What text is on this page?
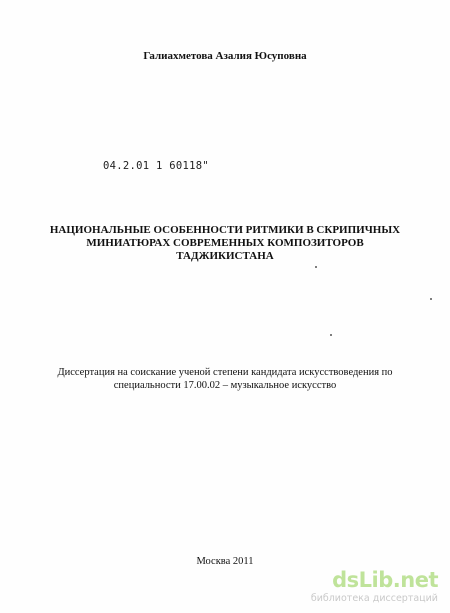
Галиахметова Азалия Юсуповна
04.2.01 1 60118"
НАЦИОНАЛЬНЫЕ ОСОБЕННОСТИ РИТМИКИ В СКРИПИЧНЫХ
МИНИАТЮРАХ СОВРЕМЕННЫХ КОМПОЗИТОРОВ
ТАДЖИКИСТАНА
Диссертация на соискание ученой степени кандидата искусствоведения по
специальности 17.00.02 – музыкальное искусство
Москва 2011
dsLib.net
библиотека диссертаций
